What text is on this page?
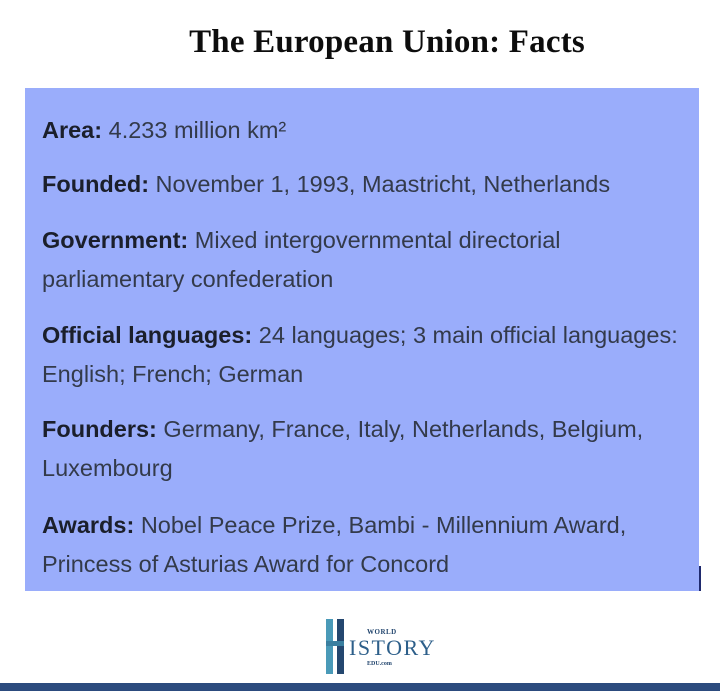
The European Union: Facts
Area: 4.233 million km²
Founded: November 1, 1993, Maastricht, Netherlands
Government: Mixed intergovernmental directorial parliamentary confederation
Official languages: 24 languages; 3 main official languages: English; French; German
Founders: Germany, France, Italy, Netherlands, Belgium, Luxembourg
Awards: Nobel Peace Prize, Bambi - Millennium Award, Princess of Asturias Award for Concord
WORLD
ISTORY
EDU.com
